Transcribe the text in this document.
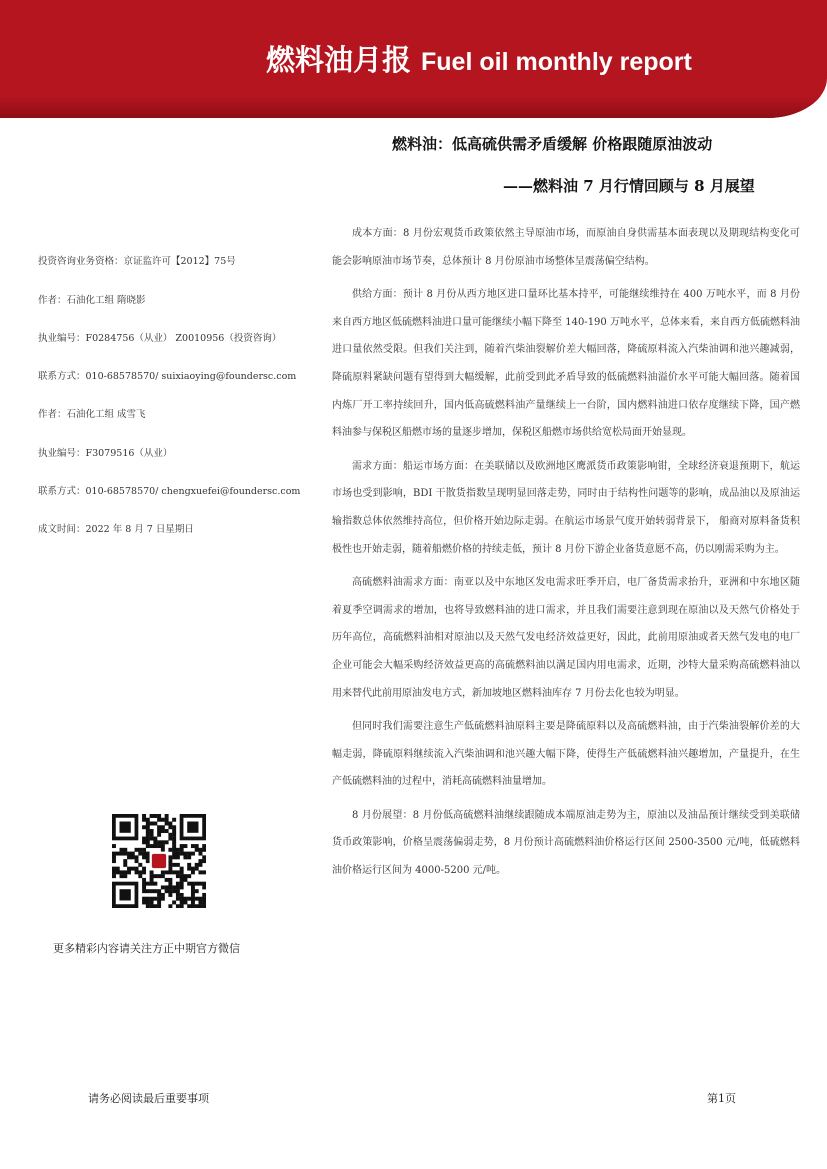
燃料油月报 Fuel oil monthly report
燃料油：低高硫供需矛盾缓解 价格跟随原油波动
——燃料油 7 月行情回顾与 8 月展望
投资咨询业务资格：京证监许可【2012】75号
作者：石油化工组 隋晓影
执业编号：F0284756（从业） Z0010956（投资咨询）
联系方式：010-68578570/ suixiaoying@foundersc.com
作者：石油化工组 成雪飞
执业编号：F3079516（从业）
联系方式：010-68578570/ chengxuefei@foundersc.com
成文时间：2022 年 8 月 7 日星期日
更多精彩内容请关注方正中期官方微信

成本方面：8 月份宏观货币政策依然主导原油市场，而原油自身供需基本面表现以及期现结构变化可能会影响原油市场节奏，总体预计 8 月份原油市场整体呈震荡偏空结构。

供给方面：预计 8 月份从西方地区进口量环比基本持平，可能继续维持在 400 万吨水平，而 8 月份来自西方地区低硫燃料油进口量可能继续小幅下降至 140-190 万吨水平，总体来看，来自西方低硫燃料油进口量依然受限。但我们关注到，随着汽柴油裂解价差大幅回落，降硫原料流入汽柴油调和池兴趣减弱，降硫原料紧缺问题有望得到大幅缓解，此前受到此矛盾导致的低硫燃料油溢价水平可能大幅回落。随着国内炼厂开工率持续回升，国内低高硫燃料油产量继续上一台阶，国内燃料油进口依存度继续下降，国产燃料油参与保税区船燃市场的量逐步增加，保税区船燃市场供给宽松局面开始显现。

需求方面：船运市场方面：在美联储以及欧洲地区鹰派货币政策影响钳，全球经济衰退预期下，航运市场也受到影响，BDI 干散货指数呈现明显回落走势，同时由于结构性问题等的影响，成品油以及原油运输指数总体依然维持高位，但价格开始边际走弱。在航运市场景气度开始转弱背景下， 船商对原料备货积极性也开始走弱，随着船燃价格的持续走低，预计 8 月份下游企业备货意愿不高，仍以刚需采购为主。

高硫燃料油需求方面：南亚以及中东地区发电需求旺季开启，电厂备货需求抬升，亚洲和中东地区随着夏季空调需求的增加，也将导致燃料油的进口需求，并且我们需要注意到现在原油以及天然气价格处于历年高位，高硫燃料油相对原油以及天然气发电经济效益更好，因此，此前用原油或者天然气发电的电厂企业可能会大幅采购经济效益更高的高硫燃料油以满足国内用电需求，近期，沙特大量采购高硫燃料油以用来替代此前用原油发电方式，新加坡地区燃料油库存 7 月份去化也较为明显。

但同时我们需要注意生产低硫燃料油原料主要是降硫原料以及高硫燃料油，由于汽柴油裂解价差的大幅走弱，降硫原料继续流入汽柴油调和池兴趣大幅下降，使得生产低硫燃料油兴趣增加，产量提升，在生产低硫燃料油的过程中，消耗高硫燃料油量增加。

8 月份展望：8 月份低高硫燃料油继续跟随成本端原油走势为主，原油以及油品预计继续受到美联储货币政策影响，价格呈震荡偏弱走势，8 月份预计高硫燃料油价格运行区间 2500-3500 元/吨，低硫燃料油价格运行区间为 4000-5200 元/吨。

请务必阅读最后重要事项	第1页
